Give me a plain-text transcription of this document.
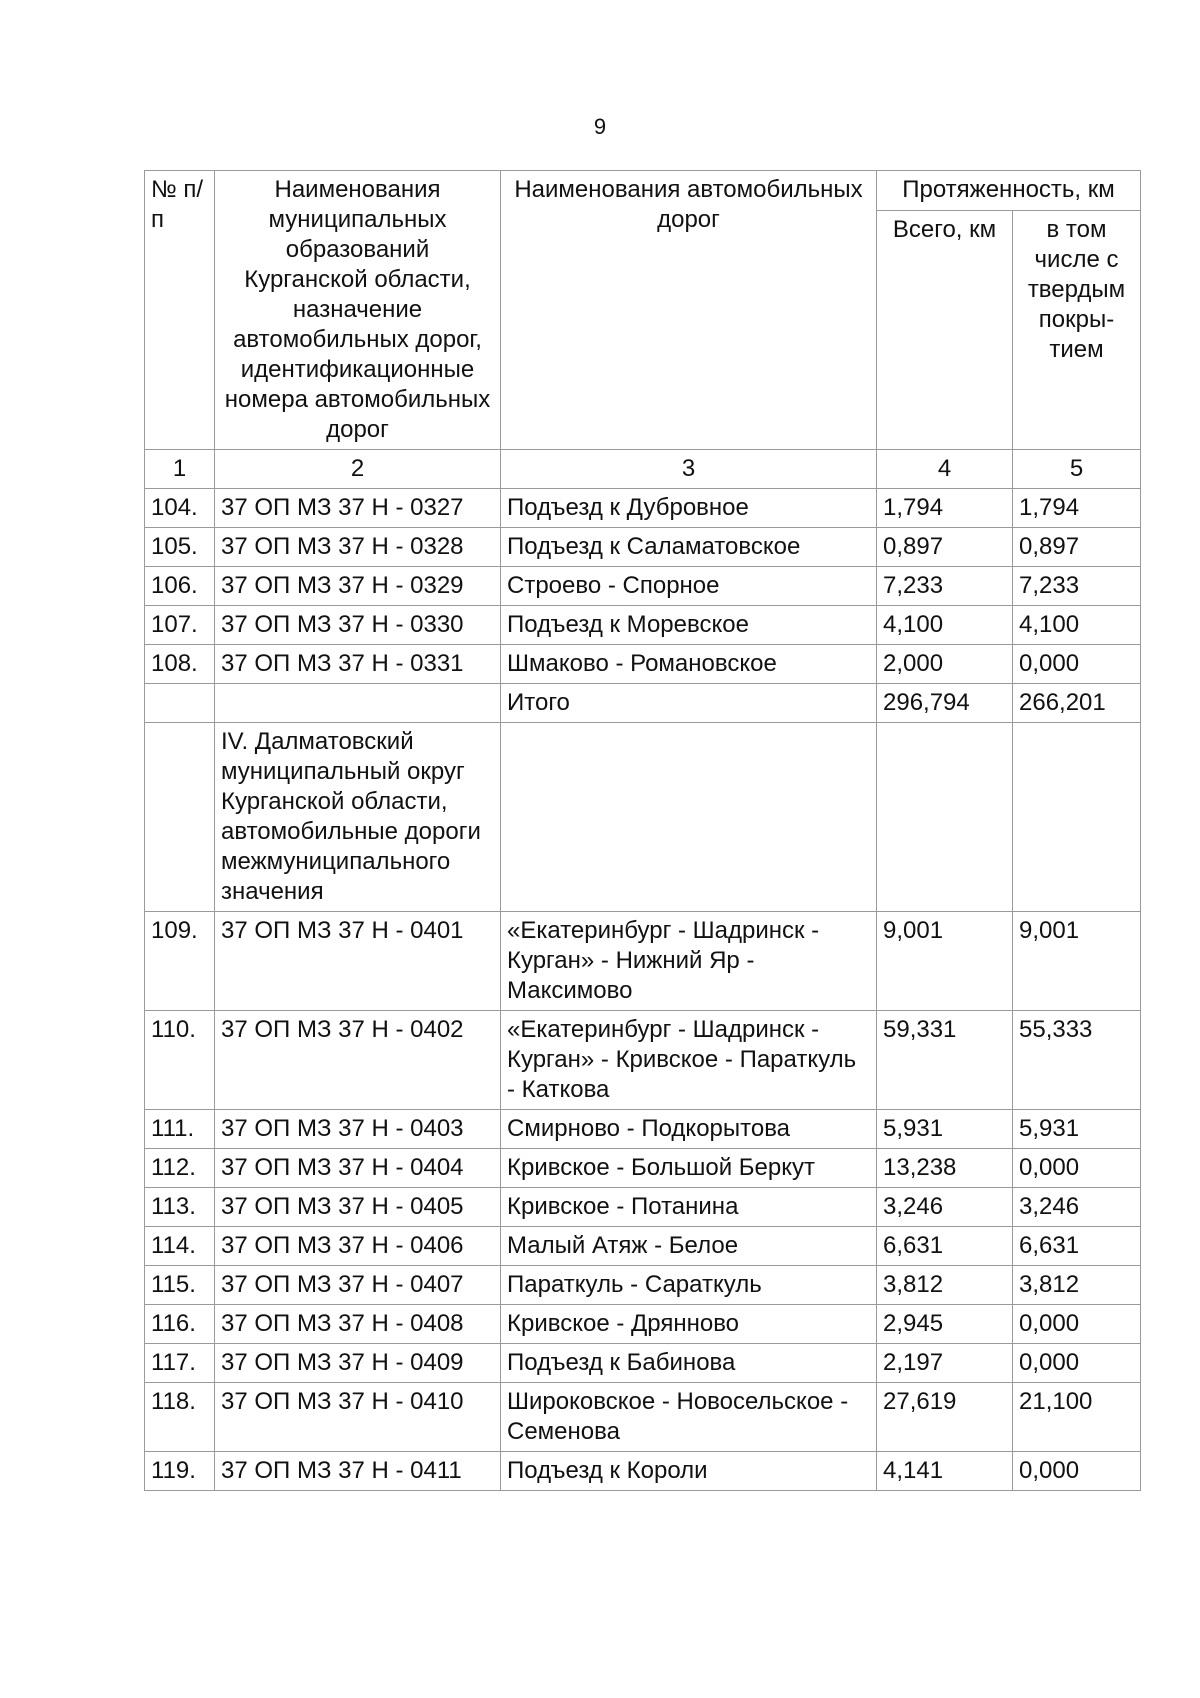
9
№ п/п	Наименования муниципальных образований Курганской области, назначение автомобильных дорог, идентификационные номера автомобильных дорог	Наименования автомобильных дорог	Протяженность, км	
			Всего, км	в том числе с твердым покры-тием
1	2	3	4	5
104.	37 ОП МЗ 37 Н - 0327	Подъезд к Дубровное	1,794	1,794
105.	37 ОП МЗ 37 Н - 0328	Подъезд к Саламатовское	0,897	0,897
106.	37 ОП МЗ 37 Н - 0329	Строево - Спорное	7,233	7,233
107.	37 ОП МЗ 37 Н - 0330	Подъезд к Моревское	4,100	4,100
108.	37 ОП МЗ 37 Н - 0331	Шмаково - Романовское	2,000	0,000
		Итого	296,794	266,201
	IV. Далматовский муниципальный округ Курганской области, автомобильные дороги межмуниципального значения			
109.	37 ОП МЗ 37 Н - 0401	«Екатеринбург - Шадринск - Курган» - Нижний Яр - Максимово	9,001	9,001
110.	37 ОП МЗ 37 Н - 0402	«Екатеринбург - Шадринск - Курган» - Кривское - Параткуль - Каткова	59,331	55,333
111.	37 ОП МЗ 37 Н - 0403	Смирново - Подкорытова	5,931	5,931
112.	37 ОП МЗ 37 Н - 0404	Кривское - Большой Беркут	13,238	0,000
113.	37 ОП МЗ 37 Н - 0405	Кривское - Потанина	3,246	3,246
114.	37 ОП МЗ 37 Н - 0406	Малый Атяж - Белое	6,631	6,631
115.	37 ОП МЗ 37 Н - 0407	Параткуль - Сараткуль	3,812	3,812
116.	37 ОП МЗ 37 Н - 0408	Кривское - Дрянново	2,945	0,000
117.	37 ОП МЗ 37 Н - 0409	Подъезд к Бабинова	2,197	0,000
118.	37 ОП МЗ 37 Н - 0410	Широковское - Новосельское - Семенова	27,619	21,100
119.	37 ОП МЗ 37 Н - 0411	Подъезд к Короли	4,141	0,000
